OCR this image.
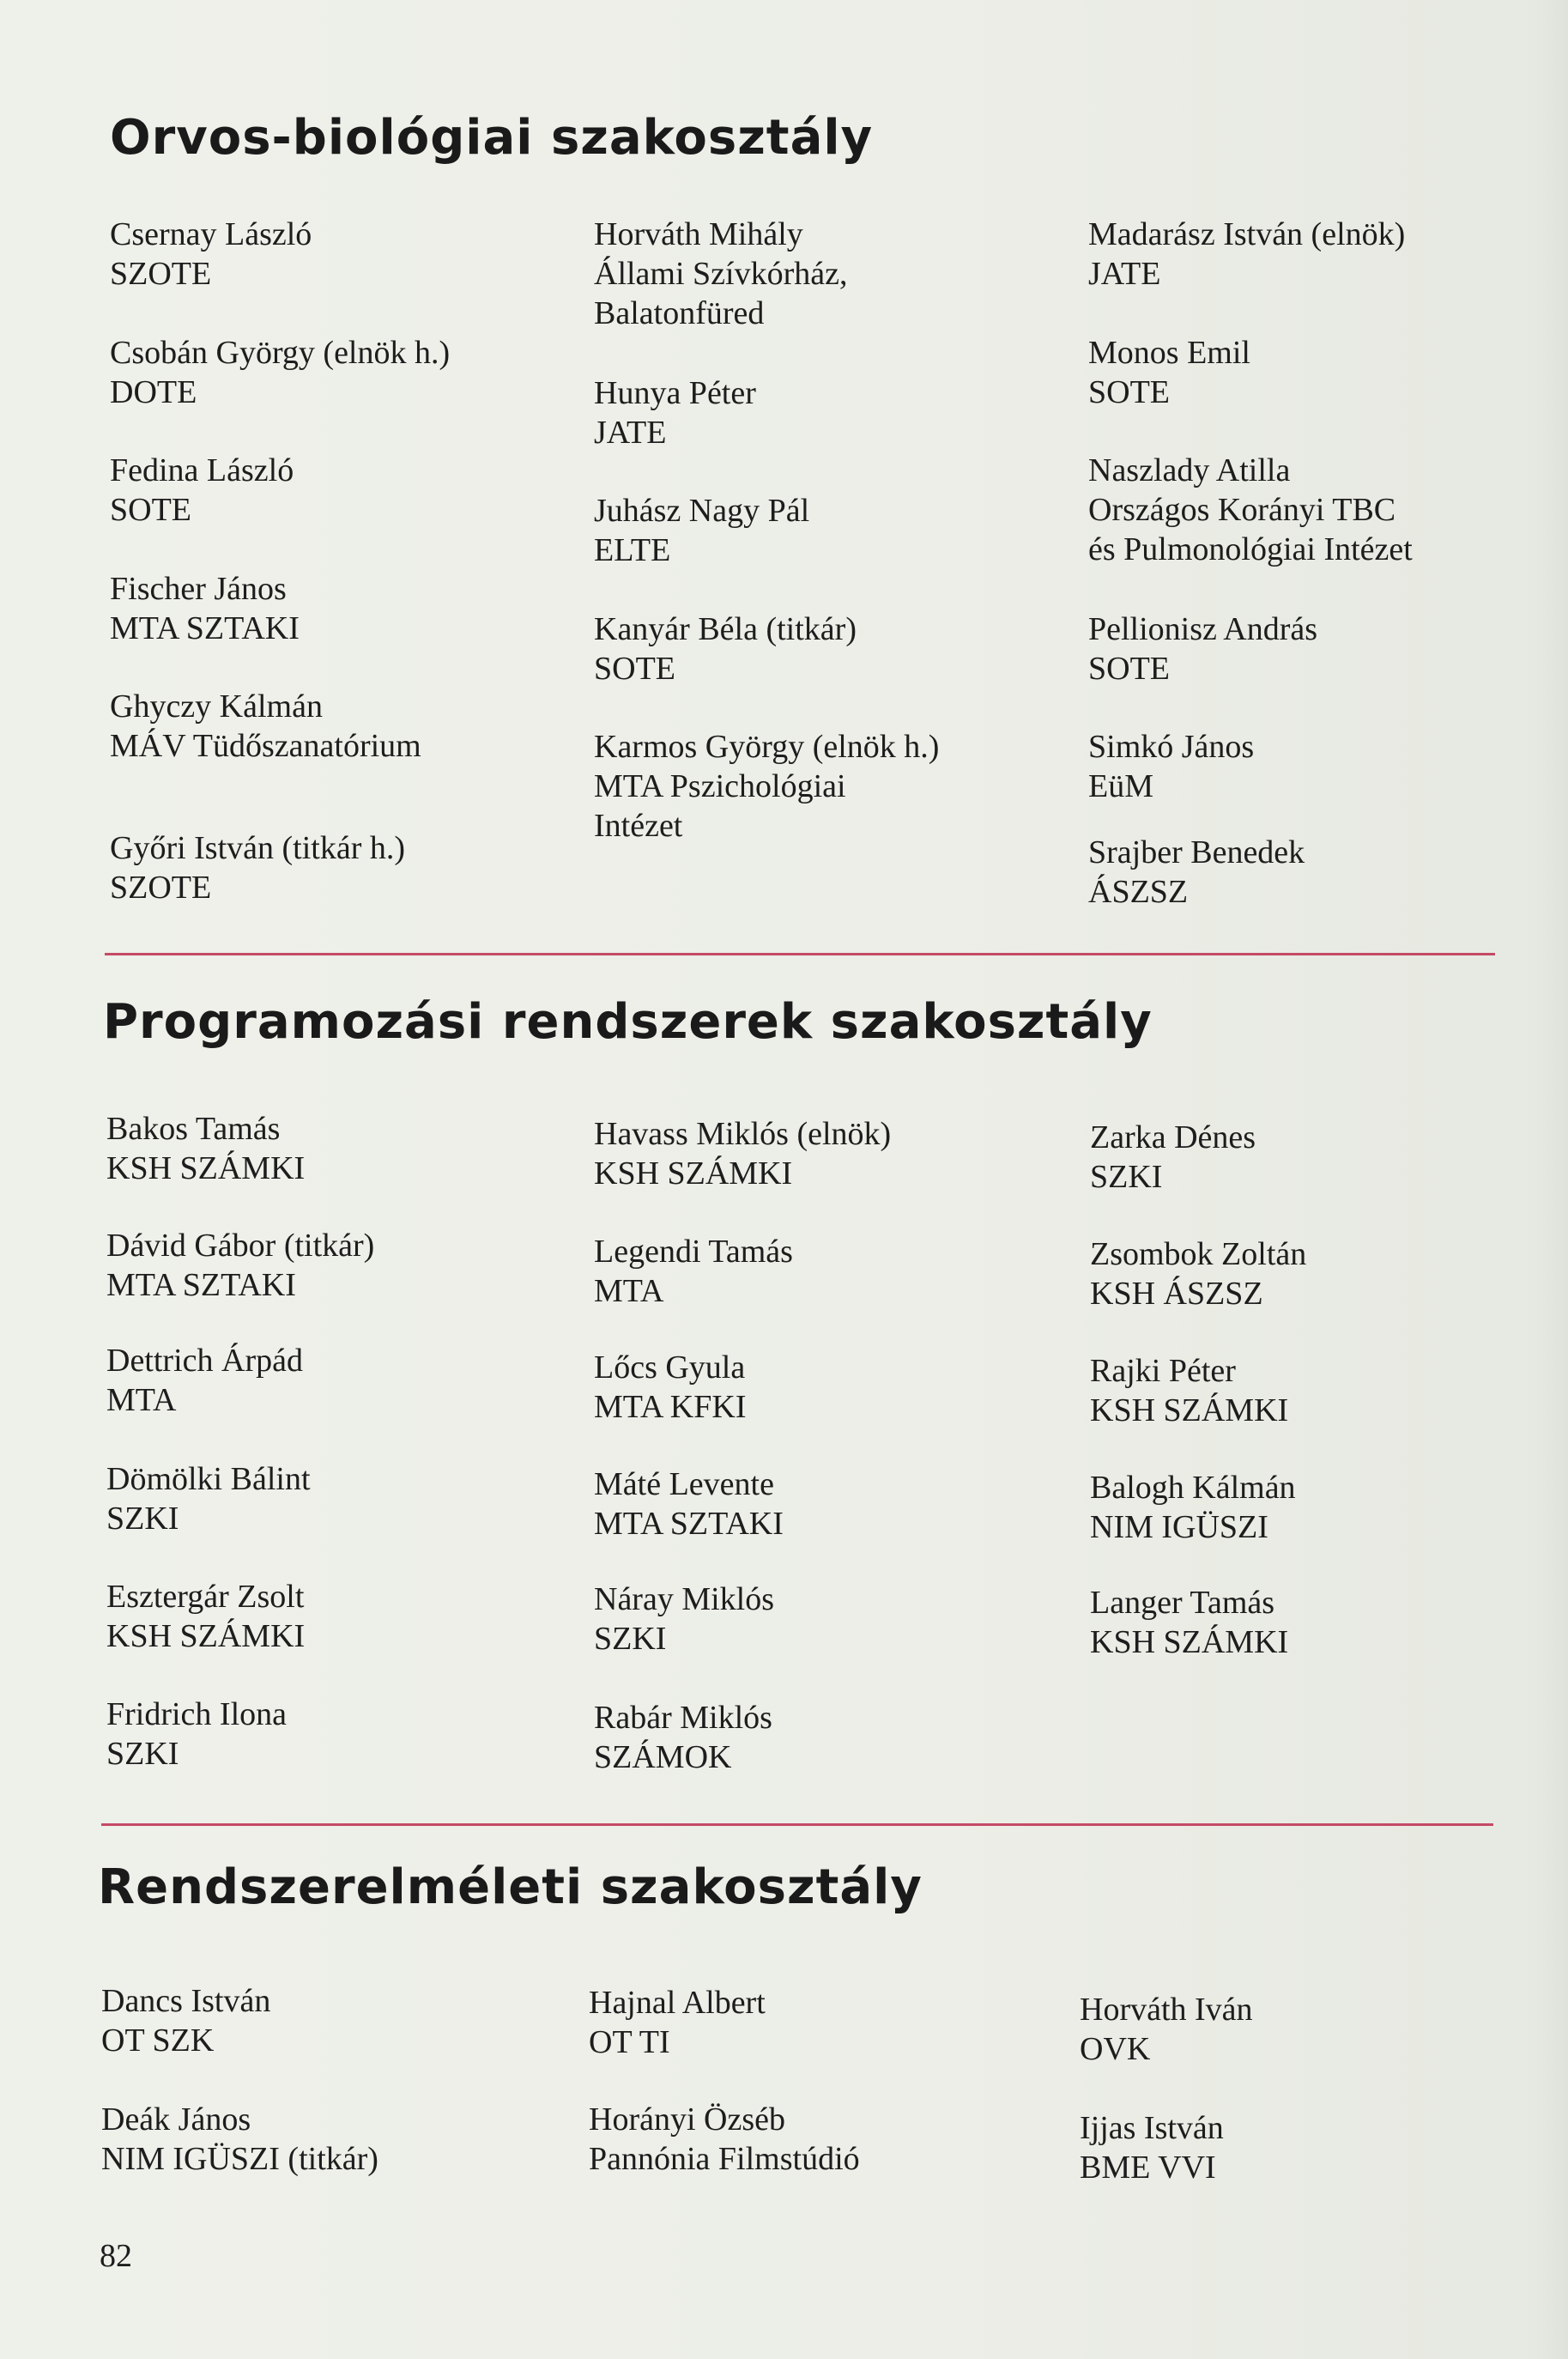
Orvos-biológiai szakosztály
Csernay László
SZOTE
Csobán György (elnök h.)
DOTE
Fedina László
SOTE
Fischer János
MTA SZTAKI
Ghyczy Kálmán
MÁV Tüdőszanatórium
Győri István (titkár h.)
SZOTE
Horváth Mihály
Állami Szívkórház,
Balatonfüred
Hunya Péter
JATE
Juhász Nagy Pál
ELTE
Kanyár Béla (titkár)
SOTE
Karmos György (elnök h.)
MTA Pszichológiai
Intézet
Madarász István (elnök)
JATE
Monos Emil
SOTE
Naszlady Atilla
Országos Korányi TBC
és Pulmonológiai Intézet
Pellionisz András
SOTE
Simkó János
EüM
Srajber Benedek
ÁSZSZ
Programozási rendszerek szakosztály
Bakos Tamás
KSH SZÁMKI
Dávid Gábor (titkár)
MTA SZTAKI
Dettrich Árpád
MTA
Dömölki Bálint
SZKI
Esztergár Zsolt
KSH SZÁMKI
Fridrich Ilona
SZKI
Havass Miklós (elnök)
KSH SZÁMKI
Legendi Tamás
MTA
Lőcs Gyula
MTA KFKI
Máté Levente
MTA SZTAKI
Náray Miklós
SZKI
Rabár Miklós
SZÁMOK
Zarka Dénes
SZKI
Zsombok Zoltán
KSH ÁSZSZ
Rajki Péter
KSH SZÁMKI
Balogh Kálmán
NIM IGÜSZI
Langer Tamás
KSH SZÁMKI
Rendszerelméleti szakosztály
Dancs István
OT SZK
Deák János
NIM IGÜSZI (titkár)
Hajnal Albert
OT TI
Horányi Özséb
Pannónia Filmstúdió
Horváth Iván
OVK
Ijjas István
BME VVI
82
